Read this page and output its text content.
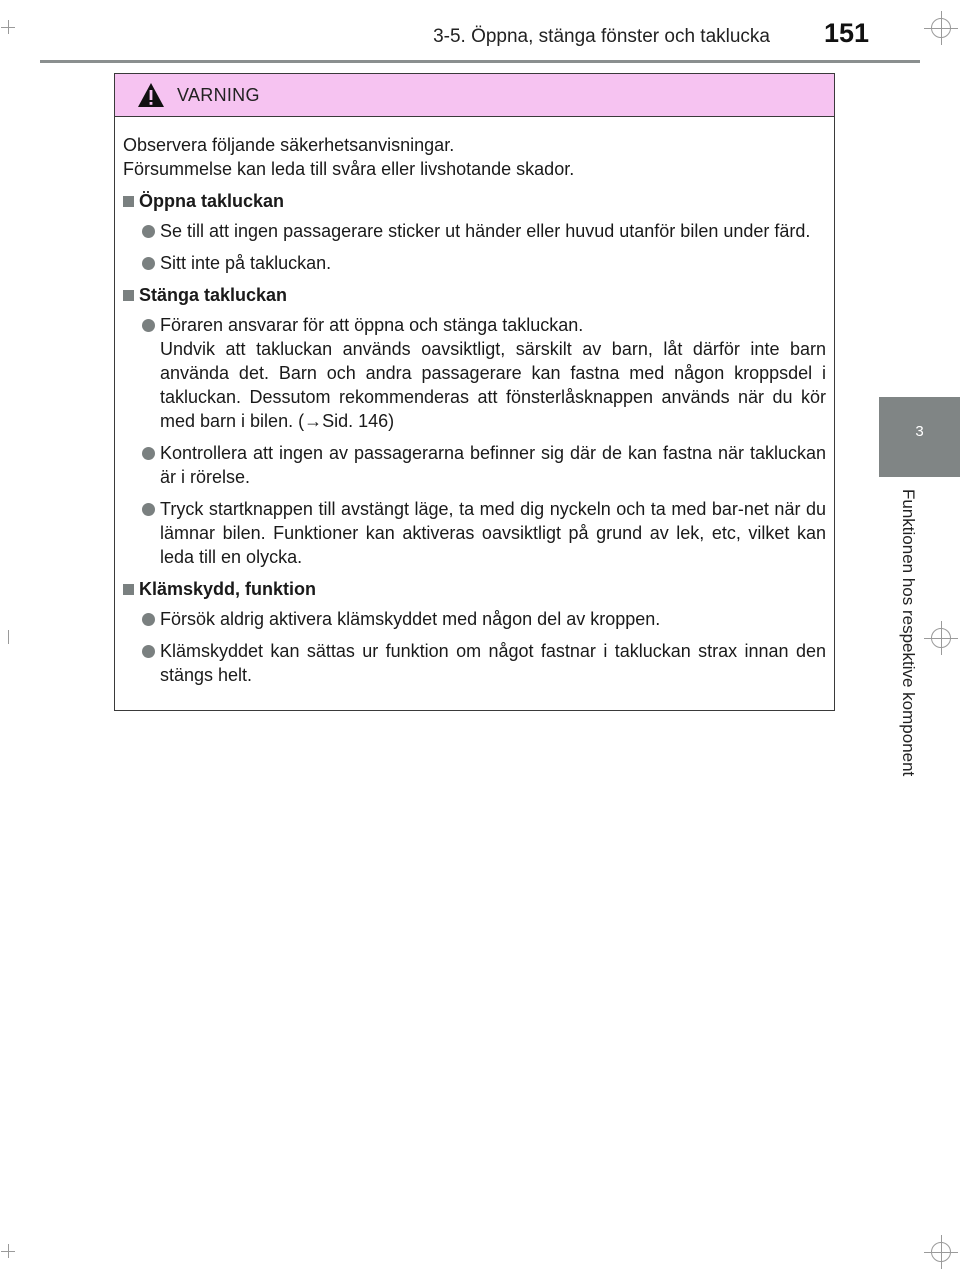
3-5. Öppna, stänga fönster och taklucka 151
3
Funktionen hos respektive komponent
VARNING

Observera följande säkerhetsanvisningar.
Försummelse kan leda till svåra eller livshotande skador.

Öppna takluckan
Se till att ingen passagerare sticker ut händer eller huvud utanför bilen under färd.
Sitt inte på takluckan.
Stänga takluckan
Föraren ansvarar för att öppna och stänga takluckan.
Undvik att takluckan används oavsiktligt, särskilt av barn, låt därför inte barn använda det. Barn och andra passagerare kan fastna med någon kroppsdel i takluckan. Dessutom rekommenderas att fönsterlåsknappen används när du kör med barn i bilen. (→Sid. 146)
Kontrollera att ingen av passagerarna befinner sig där de kan fastna när takluckan är i rörelse.
Tryck startknappen till avstängt läge, ta med dig nyckeln och ta med bar-net när du lämnar bilen. Funktioner kan aktiveras oavsiktligt på grund av lek, etc, vilket kan leda till en olycka.
Klämskydd, funktion
Försök aldrig aktivera klämskyddet med någon del av kroppen.
Klämskyddet kan sättas ur funktion om något fastnar i takluckan strax innan den stängs helt.
